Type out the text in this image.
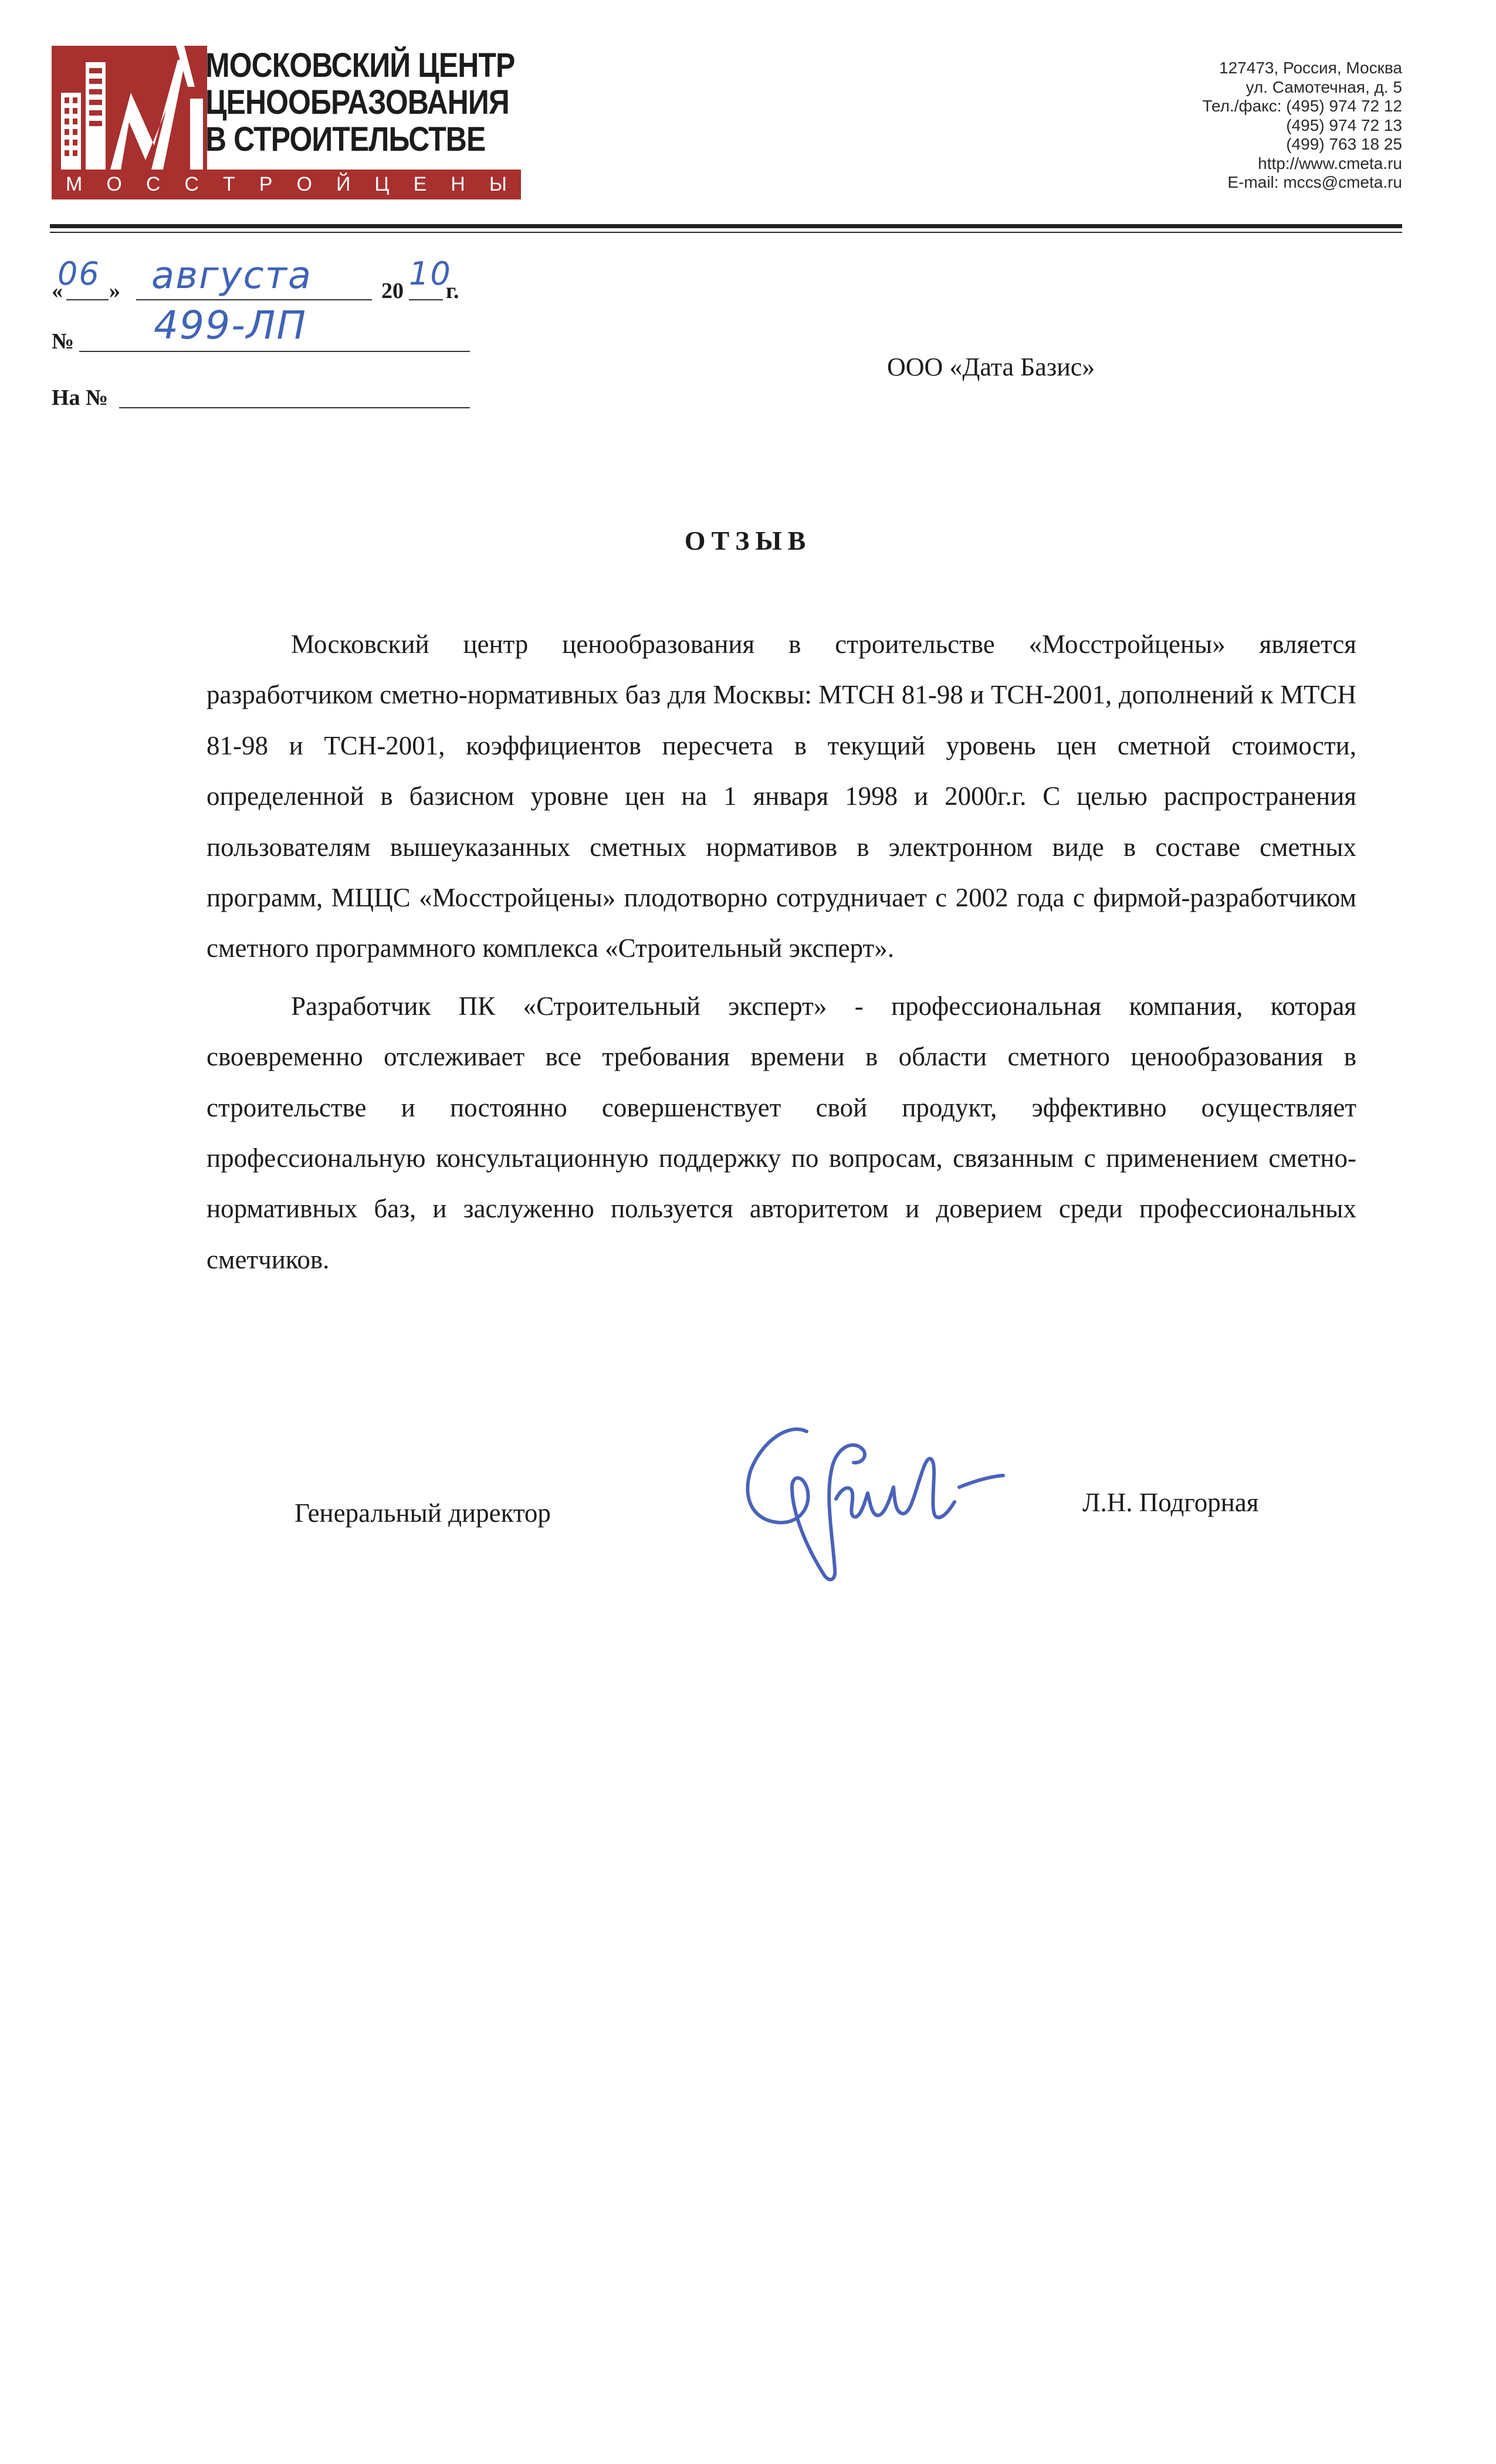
МОСКОВСКИЙ ЦЕНТР
ЦЕНООБРАЗОВАНИЯ
В СТРОИТЕЛЬСТВЕ
М О С С Т Р О Й Ц Е Н Ы
127473, Россия, Москва
ул. Самотечная, д. 5
Тел./факс: (495) 974 72 12
(495) 974 72 13
(499) 763 18 25
http://www.cmeta.ru
E-mail: mccs@cmeta.ru
«
06 » августа	20 10
г.
№ 499-ЛП
На №
ООО «Дата Базис»
ОТЗЫВ

Московский центр ценообразования в строительстве «Мосстройцены» является разработчиком сметно-нормативных баз для Москвы: МТСН 81-98 и ТСН-2001, дополнений к МТСН 81-98 и ТСН-2001, коэффициентов пересчета в текущий уровень цен сметной стоимости, определенной в базисном уровне цен на 1 января 1998 и 2000г.г. С целью распространения пользователям вышеуказанных сметных нормативов в электронном виде в составе сметных программ, МЦЦС «Мосстройцены» плодотворно сотрудничает с 2002 года с фирмой-разработчиком сметного программного комплекса «Строительный эксперт».

Разработчик ПК «Строительный эксперт» - профессиональная компания, которая своевременно отслеживает все требования времени в области сметного ценообразования в строительстве и постоянно совершенствует свой продукт, эффективно осуществляет профессиональную консультационную поддержку по вопросам, связанным с применением сметно-нормативных баз, и заслуженно пользуется авторитетом и доверием среди профессиональных сметчиков.

Генеральный директор	Л.Н. Подгорная
